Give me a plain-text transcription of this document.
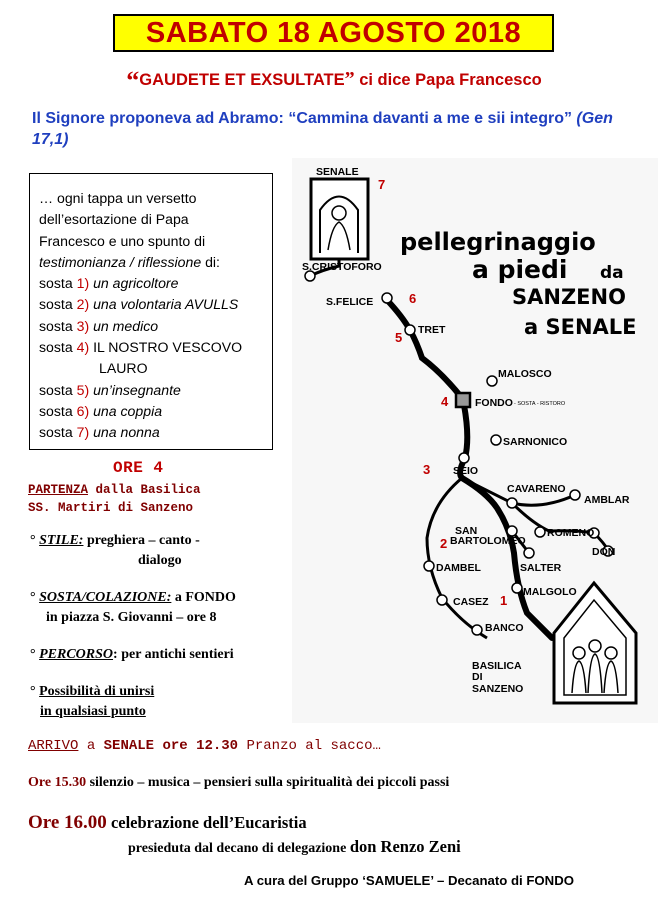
SABATO 18 AGOSTO 2018
“GAUDETE ET EXSULTATE” ci dice Papa Francesco
Il Signore proponeva ad Abramo: “Cammina davanti a me e sii integro” (Gen 17,1)
… ogni tappa un versetto
dell’esortazione di Papa
Francesco e uno spunto di
testimonianza / riflessione di:
sosta 1) un agricoltore
sosta 2) una volontaria AVULLS
sosta 3) un medico
sosta 4) IL NOSTRO VESCOVO
LAURO
sosta 5) un’insegnante
sosta 6) una coppia
sosta 7) una nonna
ORE 4
PARTENZA dalla Basilica
SS. Martiri di Sanzeno
° STILE: preghiera – canto -
dialogo
° SOSTA/COLAZIONE: a FONDO
in piazza S. Giovanni – ore 8
° PERCORSO: per antichi sentieri
° Possibilità di unirsi
in qualsiasi punto
ARRIVO a SENALE ore 12.30 Pranzo al sacco…
Ore 15.30 silenzio – musica – pensieri sulla spiritualità dei piccoli passi
Ore 16.00 celebrazione dell’Eucaristia
presieduta dal decano di delegazione don Renzo Zeni
A cura del Gruppo ‘SAMUELE’ – Decanato di FONDO
SENALE
7
pellegrinaggio
a piedi da
SANZENO
a SENALE
S.CRISTOFORO
S.FELICE
TRET
MALOSCO
FONDO - SOSTA - RISTORO
SARNONICO
SEIO
CAVARENO
AMBLAR
SAN
BARTOLOMEO
ROMENO
DON
DAMBEL	SALTER
MALGOLO
CASEZ
BANCO
BASILICA
DI
SANZENO
1
2
3
4
5
6
